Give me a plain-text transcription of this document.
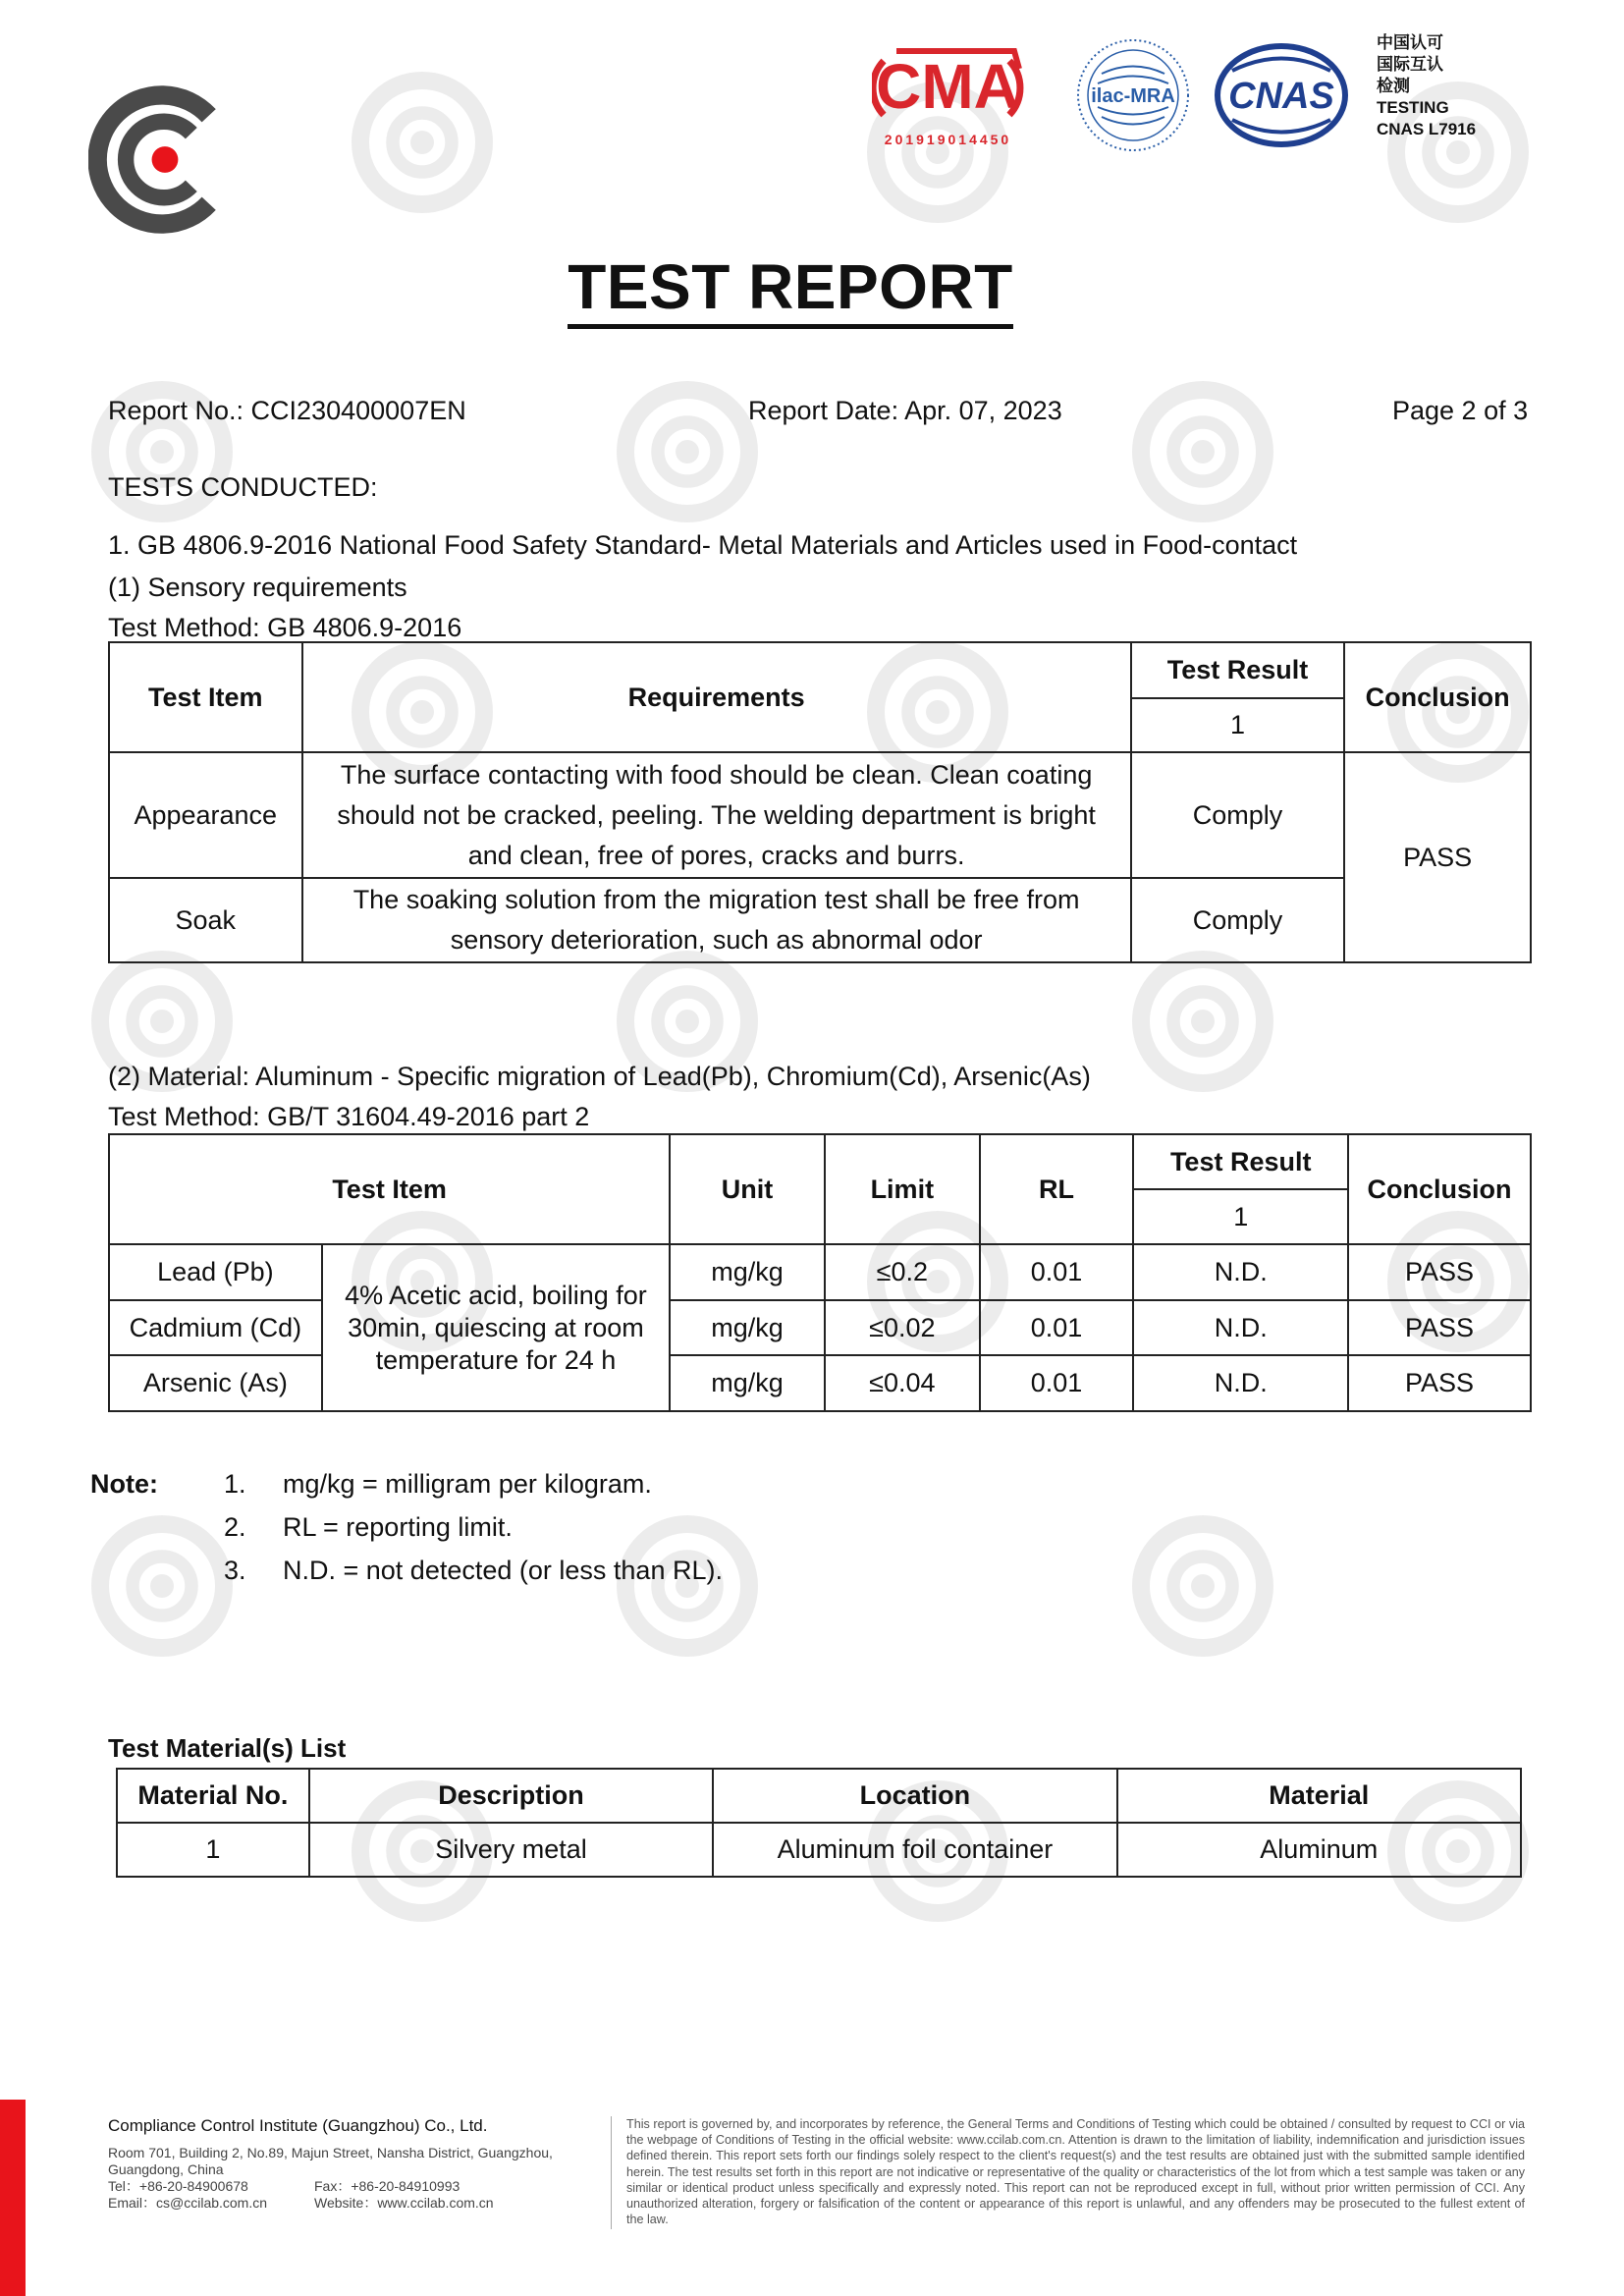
CMA
201919014450
ilac-MRA CNAS
中国认可
国际互认
检测
TESTING
CNAS L7916
TEST REPORT
Report No.: CCI230400007EN	Report Date: Apr. 07, 2023	Page 2 of 3
TESTS CONDUCTED:
1. GB 4806.9-2016 National Food Safety Standard- Metal Materials and Articles used in Food-contact
(1) Sensory requirements
Test Method: GB 4806.9-2016
Test Item	Requirements	Test Result	Conclusion
		1	
Appearance	The surface contacting with food should be clean. Clean coating should not be cracked, peeling. The welding department is bright and clean, free of pores, cracks and burrs.	Comply	PASS
Soak	The soaking solution from the migration test shall be free from sensory deterioration, such as abnormal odor	Comply	
(2) Material: Aluminum - Specific migration of Lead(Pb), Chromium(Cd), Arsenic(As)
Test Method: GB/T 31604.49-2016 part 2
Test Item		Unit	Limit	RL	Test Result	Conclusion
					1	
Lead (Pb)	4% Acetic acid, boiling for 30min, quiescing at room temperature for 24 h	mg/kg	≤0.2	0.01	N.D.	PASS
Cadmium (Cd)		mg/kg	≤0.02	0.01	N.D.	PASS
Arsenic (As)		mg/kg	≤0.04	0.01	N.D.	PASS
Note: 1. mg/kg = milligram per kilogram.
2. RL = reporting limit.
3. N.D. = not detected (or less than RL).
Test Material(s) List
Material No.	Description	Location	Material
1	Silvery metal	Aluminum foil container	Aluminum
Compliance Control Institute (Guangzhou) Co., Ltd.
Room 701, Building 2, No.89, Majun Street, Nansha District, Guangzhou,
Guangdong, China
Tel：+86-20-84900678	Fax：+86-20-84910993
Email：cs@ccilab.com.cn	Website：www.ccilab.com.cn
This report is governed by, and incorporates by reference, the General Terms and Conditions of Testing which could be obtained / consulted by request to CCI or via the webpage of Conditions of Testing in the official website: www.ccilab.com.cn. Attention is drawn to the limitation of liability, indemnification and jurisdiction issues defined therein. This report sets forth our findings solely respect to the client's request(s) and the test results are obtained just with the submitted sample identified herein. The test results set forth in this report are not indicative or representative of the quality or characteristics of the lot from which a test sample was taken or any similar or identical product unless specifically and expressly noted. This report can not be reproduced except in full, without prior written permission of CCI. Any unauthorized alteration, forgery or falsification of the content or appearance of this report is unlawful, and any offenders may be prosecuted to the fullest extent of the law.
